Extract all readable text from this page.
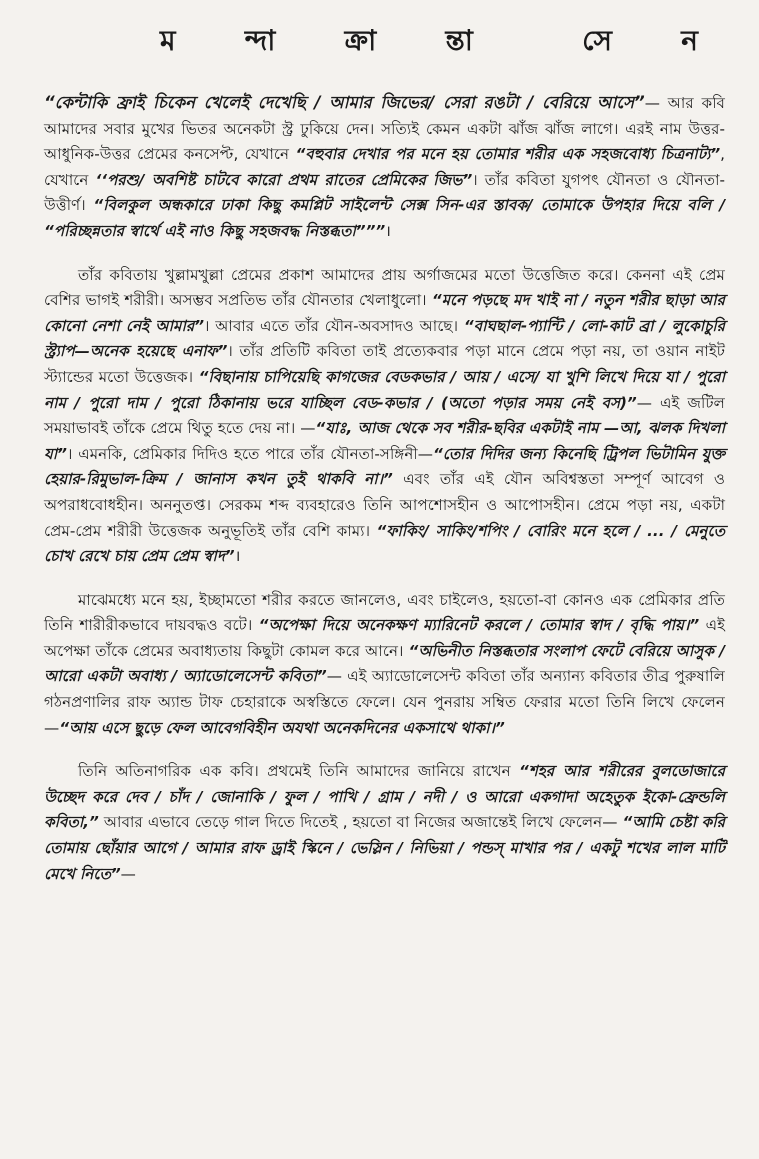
ম ন্দা ক্রা ন্তা	সে ন
“কেন্টাকি ফ্রাই চিকেন খেলেই দেখেছি / আমার জিভের/ সেরা রঙটা / বেরিয়ে আসে”— আর কবি আমাদের সবার মুখের ভিতর অনেকটা স্ট্র ঢুকিয়ে দেন। সত্যিই কেমন একটা ঝাঁজ ঝাঁজ লাগে। এরই নাম উত্তর-আধুনিক-উত্তর প্রেমের কনসেপ্ট, যেখানে “বহুবার দেখার পর মনে হয় তোমার শরীর এক সহজবোধ্য চিত্রনাট্য”, যেখানে ‘‘পরশু/ অবশিষ্ট চাটবে কারো প্রথম রাতের প্রেমিকের জিভ”। তাঁর কবিতা যুগপৎ যৌনতা ও যৌনতা-উত্তীর্ণ। “বিলকুল অন্ধকারে ঢাকা কিছু কমপ্লিট সাইলেন্ট সেক্স সিন-এর স্তাবক/ তোমাকে উপহার দিয়ে বলি / “পরিচ্ছন্নতার স্বার্থে এই নাও কিছু সহজবদ্ধ নিস্তব্ধতা”””।
তাঁর কবিতায় খুল্লামখুল্লা প্রেমের প্রকাশ আমাদের প্রায় অর্গাজমের মতো উত্তেজিত করে। কেননা এই প্রেম বেশির ভাগই শরীরী। অসম্ভব সপ্রতিভ তাঁর যৌনতার খেলাধুলো। “মনে পড়ছে মদ খাই না / নতুন শরীর ছাড়া আর কোনো নেশা নেই আমার”। আবার এতে তাঁর যৌন-অবসাদও আছে। “বাঘছাল-প্যান্টি / লো-কাট ব্রা / লুকোচুরি স্ট্র্যাপ—অনেক হয়েছে এনাফ”। তাঁর প্রতিটি কবিতা তাই প্রত্যেকবার পড়া মানে প্রেমে পড়া নয়, তা ওয়ান নাইট স্ট্যান্ডের মতো উত্তেজক। “বিছানায় চাপিয়েছি কাগজের বেডকভার / আয় / এসে/ যা খুশি লিখে দিয়ে যা / পুরো নাম / পুরো দাম / পুরো ঠিকানায় ভরে যাচ্ছিল বেড-কভার / (অতো পড়ার সময় নেই বস)”— এই জটিল সময়াভাবই তাঁকে প্রেমে থিতু হতে দেয় না। —“যাঃ, আজ থেকে সব শরীর-ছবির একটাই নাম —আ, ঝলক দিখলা যা”। এমনকি, প্রেমিকার দিদিও হতে পারে তাঁর যৌনতা-সঙ্গিনী—“তোর দিদির জন্য কিনেছি ট্রিপল ভিটামিন যুক্ত হেয়ার-রিমুভাল-ক্রিম / জানাস কখন তুই থাকবি না।” এবং তাঁর এই যৌন অবিশ্বস্ততা সম্পূর্ণ আবেগ ও অপরাধবোধহীন। অননুতপ্ত। সেরকম শব্দ ব্যবহারেও তিনি আপশোসহীন ও আপোসহীন। প্রেমে পড়া নয়, একটা প্রেম-প্রেম শরীরী উত্তেজক অনুভূতিই তাঁর বেশি কাম্য। “ফাকিং/ সাকিং/শপিং / বোরিং মনে হলে / ... / মেনুতে চোখ রেখে চায় প্রেম প্রেম স্বাদ”।
মাঝেমধ্যে মনে হয়, ইচ্ছামতো শরীর করতে জানলেও, এবং চাইলেও, হয়তো-বা কোনও এক প্রেমিকার প্রতি তিনি শারীরীকভাবে দায়বদ্ধও বটে। “অপেক্ষা দিয়ে অনেকক্ষণ ম্যারিনেট করলে / তোমার স্বাদ / বৃদ্ধি পায়।” এই অপেক্ষা তাঁকে প্রেমের অবাধ্যতায় কিছুটা কোমল করে আনে। “অভিনীত নিস্তব্ধতার সংলাপ ফেটে বেরিয়ে আসুক / আরো একটা অবাধ্য / অ্যাডোলেসেন্ট কবিতা”— এই অ্যাডোলেসেন্ট কবিতা তাঁর অন্যান্য কবিতার তীব্র পুরুষালি গঠনপ্রণালির রাফ অ্যান্ড টাফ চেহারাকে অস্বস্তিতে ফেলে। যেন পুনরায় সম্বিত ফেরার মতো তিনি লিখে ফেলেন—“আয় এসে ছুড়ে ফেল আবেগবিহীন অযথা অনেকদিনের একসাথে থাকা।”
তিনি অতিনাগরিক এক কবি। প্রথমেই তিনি আমাদের জানিয়ে রাখেন “শহর আর শরীরের বুলডোজারে উচ্ছেদ করে দেব / চাঁদ / জোনাকি / ফুল / পাখি / গ্রাম / নদী / ও আরো একগাদা অহেতুক ইকো-ফ্রেন্ডলি কবিতা,” আবার এভাবে তেড়ে গাল দিতে দিতেই , হয়তো বা নিজের অজান্তেই লিখে ফেলেন— “আমি চেষ্টা করি তোমায় ছোঁয়ার আগে / আমার রাফ ড্রাই স্কিনে / ভেস্লিন / নিভিয়া / পন্ডস্ মাখার পর / একটু শখের লাল মাটি মেখে নিতে”—
